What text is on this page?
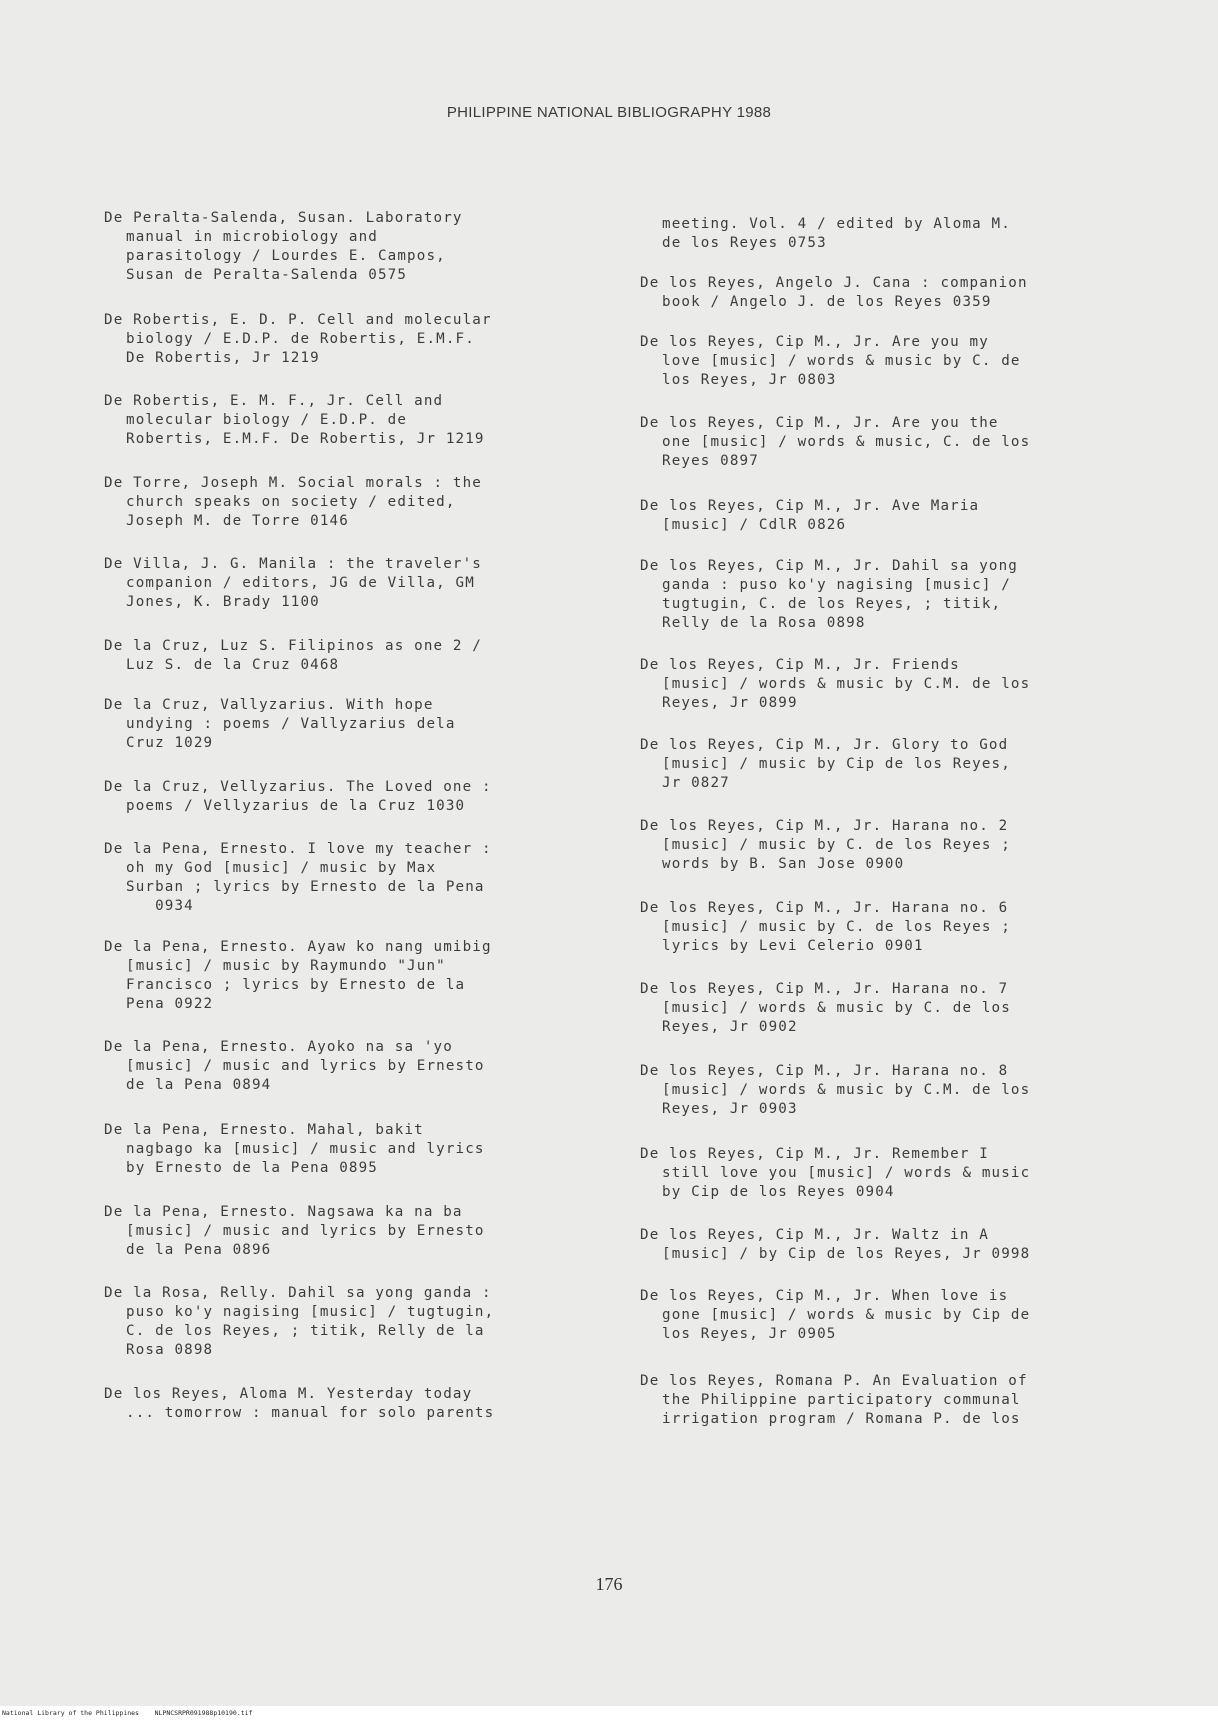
PHILIPPINE NATIONAL BIBLIOGRAPHY 1988
De Peralta-Salenda, Susan. Laboratory
manual in microbiology and
parasitology / Lourdes E. Campos,
Susan de Peralta-Salenda 0575
De Robertis, E. D. P. Cell and molecular
biology / E.D.P. de Robertis, E.M.F.
De Robertis, Jr 1219
De Robertis, E. M. F., Jr. Cell and
molecular biology / E.D.P. de
Robertis, E.M.F. De Robertis, Jr 1219
De Torre, Joseph M. Social morals : the
church speaks on society / edited,
Joseph M. de Torre 0146
De Villa, J. G. Manila : the traveler's
companion / editors, JG de Villa, GM
Jones, K. Brady 1100
De la Cruz, Luz S. Filipinos as one 2 /
Luz S. de la Cruz 0468
De la Cruz, Vallyzarius. With hope
undying : poems / Vallyzarius dela
Cruz 1029
De la Cruz, Vellyzarius. The Loved one :
poems / Vellyzarius de la Cruz 1030
De la Pena, Ernesto. I love my teacher :
oh my God [music] / music by Max
Surban ; lyrics by Ernesto de la Pena
0934
De la Pena, Ernesto. Ayaw ko nang umibig
[music] / music by Raymundo "Jun"
Francisco ; lyrics by Ernesto de la
Pena 0922
De la Pena, Ernesto. Ayoko na sa 'yo
[music] / music and lyrics by Ernesto
de la Pena 0894
De la Pena, Ernesto. Mahal, bakit
nagbago ka [music] / music and lyrics
by Ernesto de la Pena 0895
De la Pena, Ernesto. Nagsawa ka na ba
[music] / music and lyrics by Ernesto
de la Pena 0896
De la Rosa, Relly. Dahil sa yong ganda :
puso ko'y nagising [music] / tugtugin,
C. de los Reyes, ; titik, Relly de la
Rosa 0898
De los Reyes, Aloma M. Yesterday today
... tomorrow : manual for solo parents
meeting. Vol. 4 / edited by Aloma M.
de los Reyes 0753
De los Reyes, Angelo J. Cana : companion
book / Angelo J. de los Reyes 0359
De los Reyes, Cip M., Jr. Are you my
love [music] / words & music by C. de
los Reyes, Jr 0803
De los Reyes, Cip M., Jr. Are you the
one [music] / words & music, C. de los
Reyes 0897
De los Reyes, Cip M., Jr. Ave Maria
[music] / CdlR 0826
De los Reyes, Cip M., Jr. Dahil sa yong
ganda : puso ko'y nagising [music] /
tugtugin, C. de los Reyes, ; titik,
Relly de la Rosa 0898
De los Reyes, Cip M., Jr. Friends
[music] / words & music by C.M. de los
Reyes, Jr 0899
De los Reyes, Cip M., Jr. Glory to God
[music] / music by Cip de los Reyes,
Jr 0827
De los Reyes, Cip M., Jr. Harana no. 2
[music] / music by C. de los Reyes ;
words by B. San Jose 0900
De los Reyes, Cip M., Jr. Harana no. 6
[music] / music by C. de los Reyes ;
lyrics by Levi Celerio 0901
De los Reyes, Cip M., Jr. Harana no. 7
[music] / words & music by C. de los
Reyes, Jr 0902
De los Reyes, Cip M., Jr. Harana no. 8
[music] / words & music by C.M. de los
Reyes, Jr 0903
De los Reyes, Cip M., Jr. Remember I
still love you [music] / words & music
by Cip de los Reyes 0904
De los Reyes, Cip M., Jr. Waltz in A
[music] / by Cip de los Reyes, Jr 0998
De los Reyes, Cip M., Jr. When love is
gone [music] / words & music by Cip de
los Reyes, Jr 0905
De los Reyes, Romana P. An Evaluation of
the Philippine participatory communal
irrigation program / Romana P. de los
176
National Library of the Philippines    NLPNCSRPR091988p10190.tif
